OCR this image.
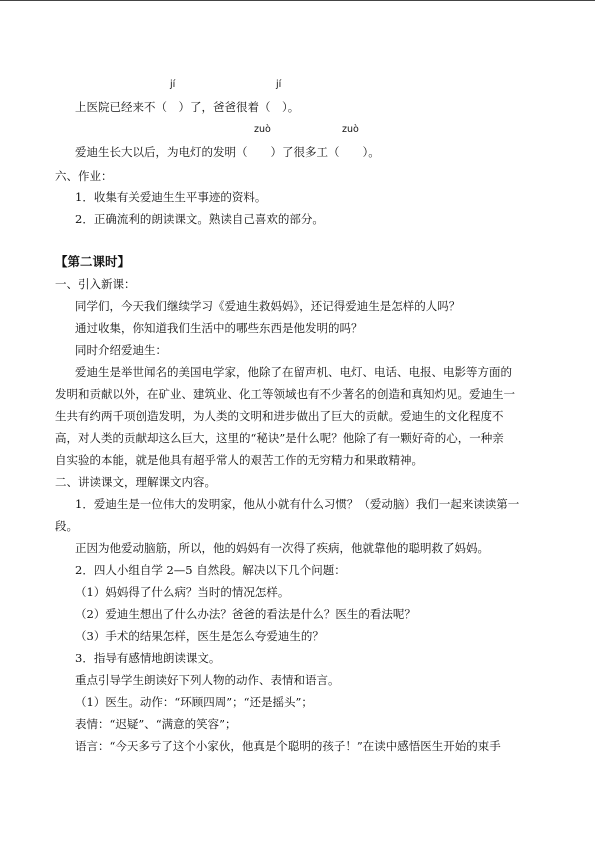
jí	jí
上医院已经来不（　）了，爸爸很着（　）。
zuò	zuò
爱迪生长大以后，为电灯的发明（　　）了很多工（　　）。
六、作业：
1．收集有关爱迪生生平事迹的资料。
2．正确流利的朗读课文。熟读自己喜欢的部分。
【第二课时】
一、引入新课：
同学们，今天我们继续学习《爱迪生救妈妈》，还记得爱迪生是怎样的人吗？
通过收集，你知道我们生活中的哪些东西是他发明的吗？
同时介绍爱迪生：
爱迪生是举世闻名的美国电学家，他除了在留声机、电灯、电话、电报、电影等方面的
发明和贡献以外，在矿业、建筑业、化工等领域也有不少著名的创造和真知灼见。爱迪生一
生共有约两千项创造发明，为人类的文明和进步做出了巨大的贡献。爱迪生的文化程度不
高，对人类的贡献却这么巨大，这里的“秘诀”是什么呢？他除了有一颗好奇的心，一种亲
自实验的本能，就是他具有超乎常人的艰苦工作的无穷精力和果敢精神。
二、讲读课文，理解课文内容。
1．爱迪生是一位伟大的发明家，他从小就有什么习惯？（爱动脑）我们一起来读读第一
段。
正因为他爱动脑筋，所以，他的妈妈有一次得了疾病，他就靠他的聪明救了妈妈。
2．四人小组自学 2—5 自然段。解决以下几个问题：
（1）妈妈得了什么病？当时的情况怎样。
（2）爱迪生想出了什么办法？爸爸的看法是什么？医生的看法呢？
（3）手术的结果怎样，医生是怎么夸爱迪生的？
3．指导有感情地朗读课文。
重点引导学生朗读好下列人物的动作、表情和语言。
（1）医生。动作：“环顾四周”；“还是摇头”；
表情：“迟疑”、“满意的笑容”；
语言：“今天多亏了这个小家伙，他真是个聪明的孩子！”在读中感悟医生开始的束手
